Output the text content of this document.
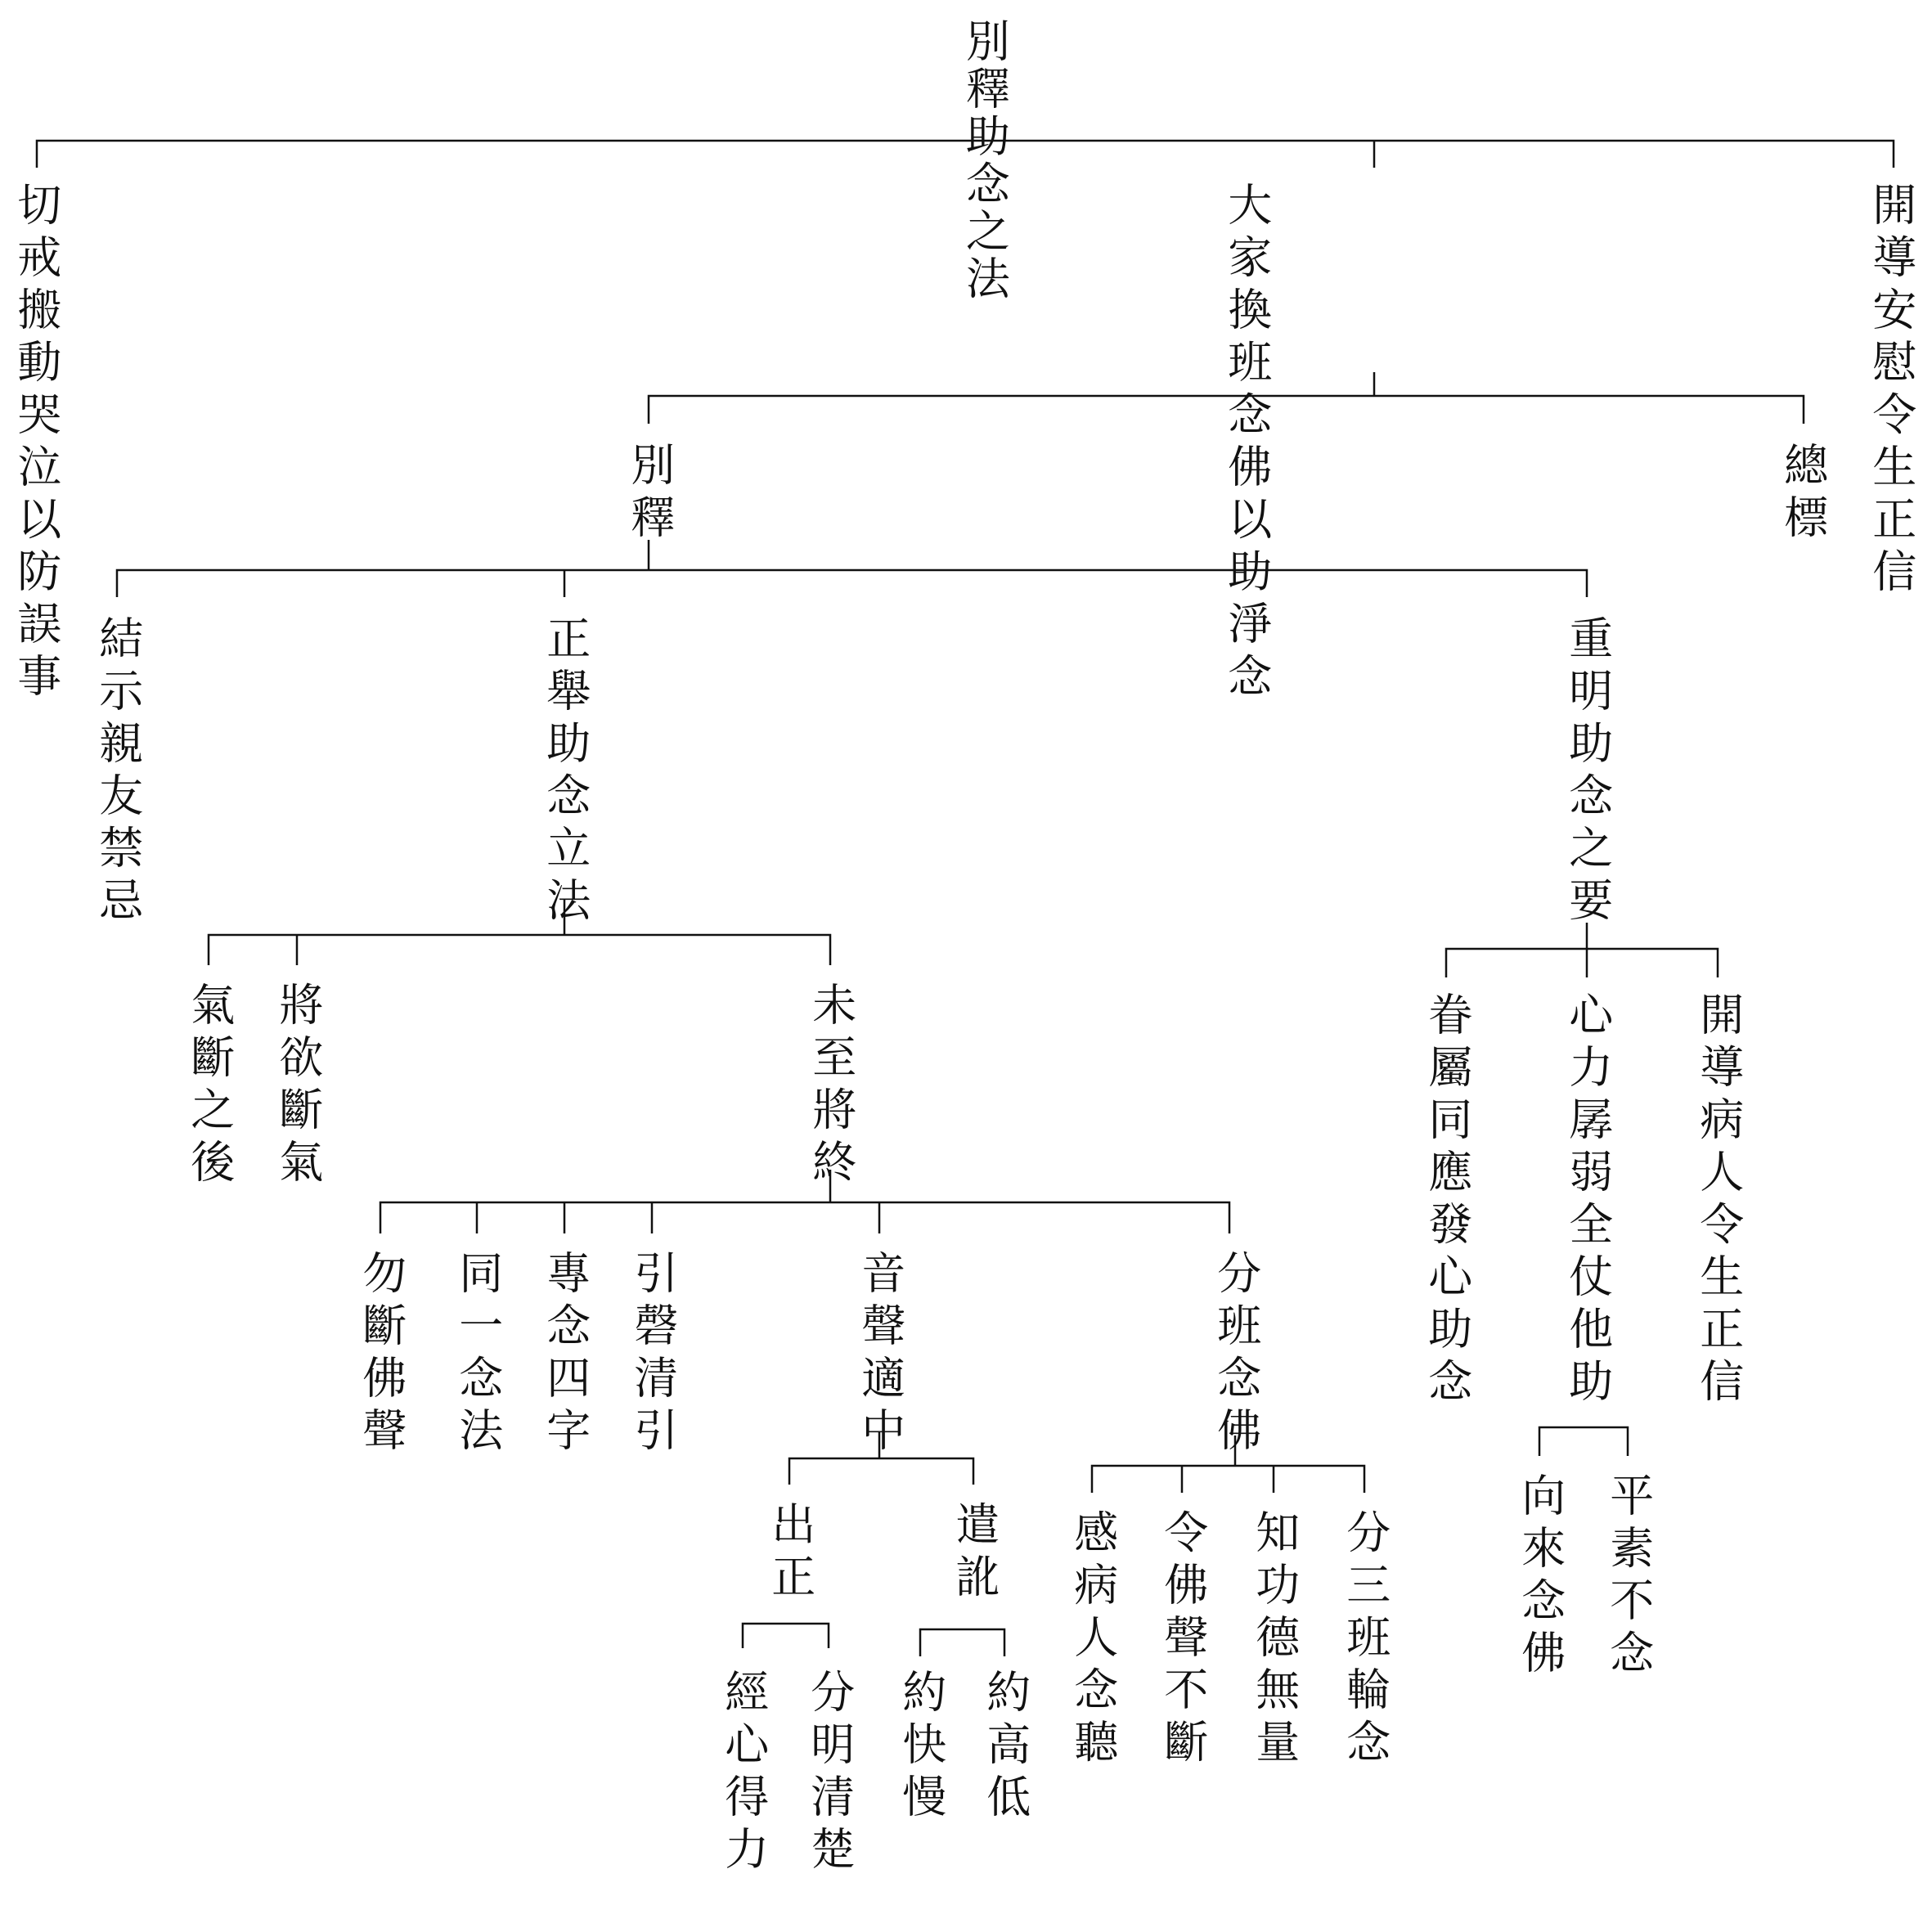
別釋助念之法
切戒搬動哭泣以防誤事	大家換班念佛以助淨念	開導安慰令生正信
別釋	總標
結示親友禁忌	正舉助念立法	重明助念之要
氣斷之後 將欲斷氣	未至將終
勿斷佛聲 同一念法 專念四字 引磬清引	音聲適中	分班念佛
出正	遣訛
經心得力 分明清楚 約快慢 約高低 感病人念聽 令佛聲不斷 知功德無量 分三班輪念
眷屬同應發心助念 心力孱弱全仗他助 開導病人令生正信
向來念佛 平素不念
